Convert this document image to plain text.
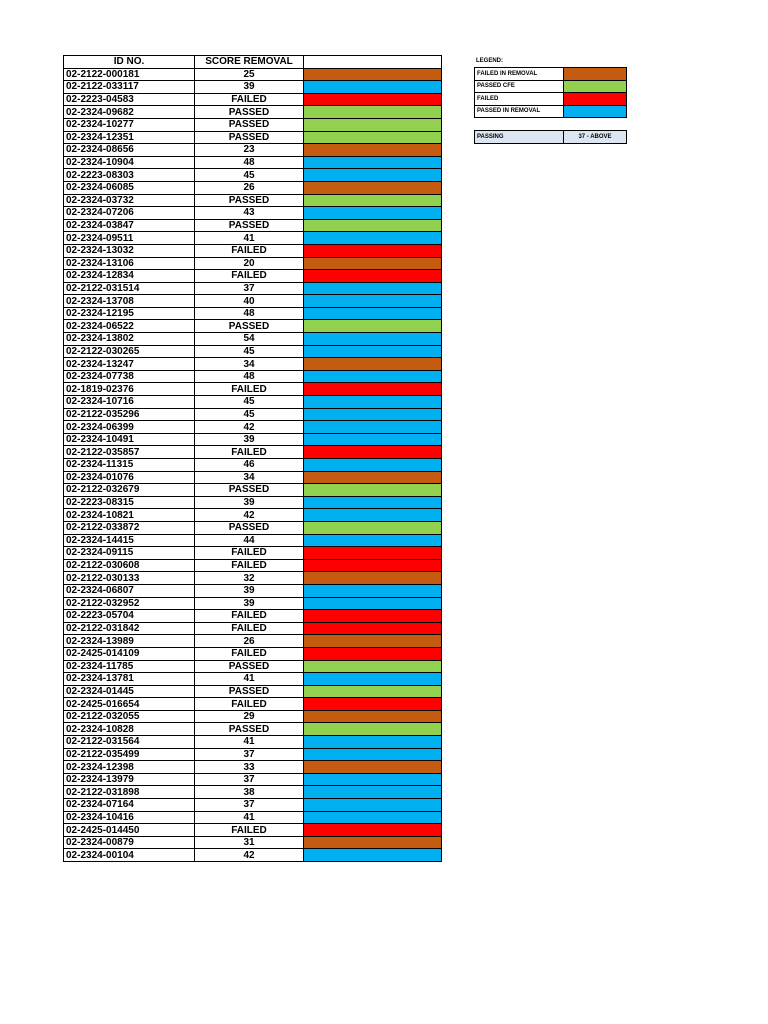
ID NO.	SCORE REMOVAL	
02-2122-000181	25	
02-2122-033117	39	
02-2223-04583	FAILED	
02-2324-09682	PASSED	
02-2324-10277	PASSED	
02-2324-12351	PASSED	
02-2324-08656	23	
02-2324-10904	48	
02-2223-08303	45	
02-2324-06085	26	
02-2324-03732	PASSED	
02-2324-07206	43	
02-2324-03847	PASSED	
02-2324-09511	41	
02-2324-13032	FAILED	
02-2324-13106	20	
02-2324-12834	FAILED	
02-2122-031514	37	
02-2324-13708	40	
02-2324-12195	48	
02-2324-06522	PASSED	
02-2324-13802	54	
02-2122-030265	45	
02-2324-13247	34	
02-2324-07738	48	
02-1819-02376	FAILED	
02-2324-10716	45	
02-2122-035296	45	
02-2324-06399	42	
02-2324-10491	39	
02-2122-035857	FAILED	
02-2324-11315	46	
02-2324-01076	34	
02-2122-032679	PASSED	
02-2223-08315	39	
02-2324-10821	42	
02-2122-033872	PASSED	
02-2324-14415	44	
02-2324-09115	FAILED	
02-2122-030608	FAILED	
02-2122-030133	32	
02-2324-06807	39	
02-2122-032952	39	
02-2223-05704	FAILED	
02-2122-031842	FAILED	
02-2324-13989	26	
02-2425-014109	FAILED	
02-2324-11785	PASSED	
02-2324-13781	41	
02-2324-01445	PASSED	
02-2425-016654	FAILED	
02-2122-032055	29	
02-2324-10828	PASSED	
02-2122-031564	41	
02-2122-035499	37	
02-2324-12398	33	
02-2324-13979	37	
02-2122-031898	38	
02-2324-07164	37	
02-2324-10416	41	
02-2425-014450	FAILED	
02-2324-00879	31	
02-2324-00104	42	
LEGEND:
FAILED IN REMOVAL	
PASSED CFE	
FAILED	
PASSED IN REMOVAL	
PASSING	37 - ABOVE
